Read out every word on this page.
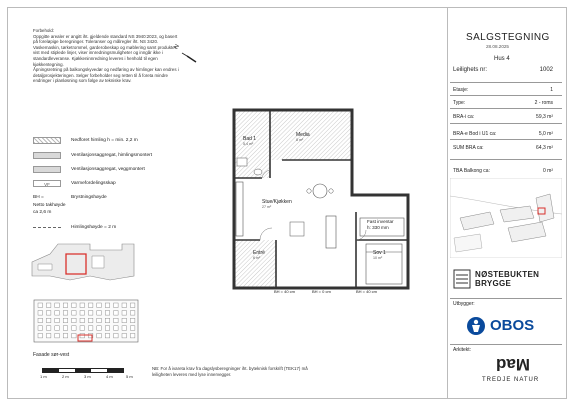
Forbehold:

Oppgitte arealer er angitt iht. gjeldende standard NS 3940:2023, og basert på foreløpige beregninger. Toleranser og målregler iht. NS 3420.

Vaskemaskin, tørketrommel, garderobeskap og møblering samt produkter vist med stiplede linjer, viser innredningsmuligheter og inngår ikke i standardleveranse. Kjøkkeninnredning leveres i henhold til egen kjøkkentegning.

Åpningsretning på balkongskyvedør og nedføring av himlinger kan endres i detaljprosjekteringen. Selger forbeholder seg retten til å foreta mindre endringer i planløsning som følge av tekniske krav.

N
Nedforet himling h = min. 2,2 m
Ventilasjonsaggregat, himlingsmontert
Ventilasjonsaggregat, veggmontert
VF	Varmefordelingsskap
BH =	Brystningshøyde
Netto takhøyde
ca 2,6 m
Himlingshøyde = 2 m
Fasade sør-vest
1 m	2 m	3 m	4 m	5 m
Bad 1
5,4 m²
Media
8 m²
Stue/Kjøkken
27 m²
Entré
6 m²
Fast inventar
h: 330 mm
Sov 1
10 m²
BH = 40 cm	BH = 0 cm	BH = 40 cm
NB: For å ivareta krav fra dagslysberegninger iht. byteknisk forskrift (TEK17) må leiligheten leveres med lyse innervegger.
SALGSTEGNING
28.08.2025
Hus 4
Leilighets nr:	1002
Etasje:	1
Type:	2 - roms
BRA-i ca:	59,3 m²
BRA-e Bod i U1 ca:	5,0 m²
SUM BRA ca:	64,3 m²
TBA Balkong ca:	0 m²
NØSTEBUKTEN
BRYGGE
Utbygger:
OBOS
Arkitekt:
Mad
TREDJE NATUR
